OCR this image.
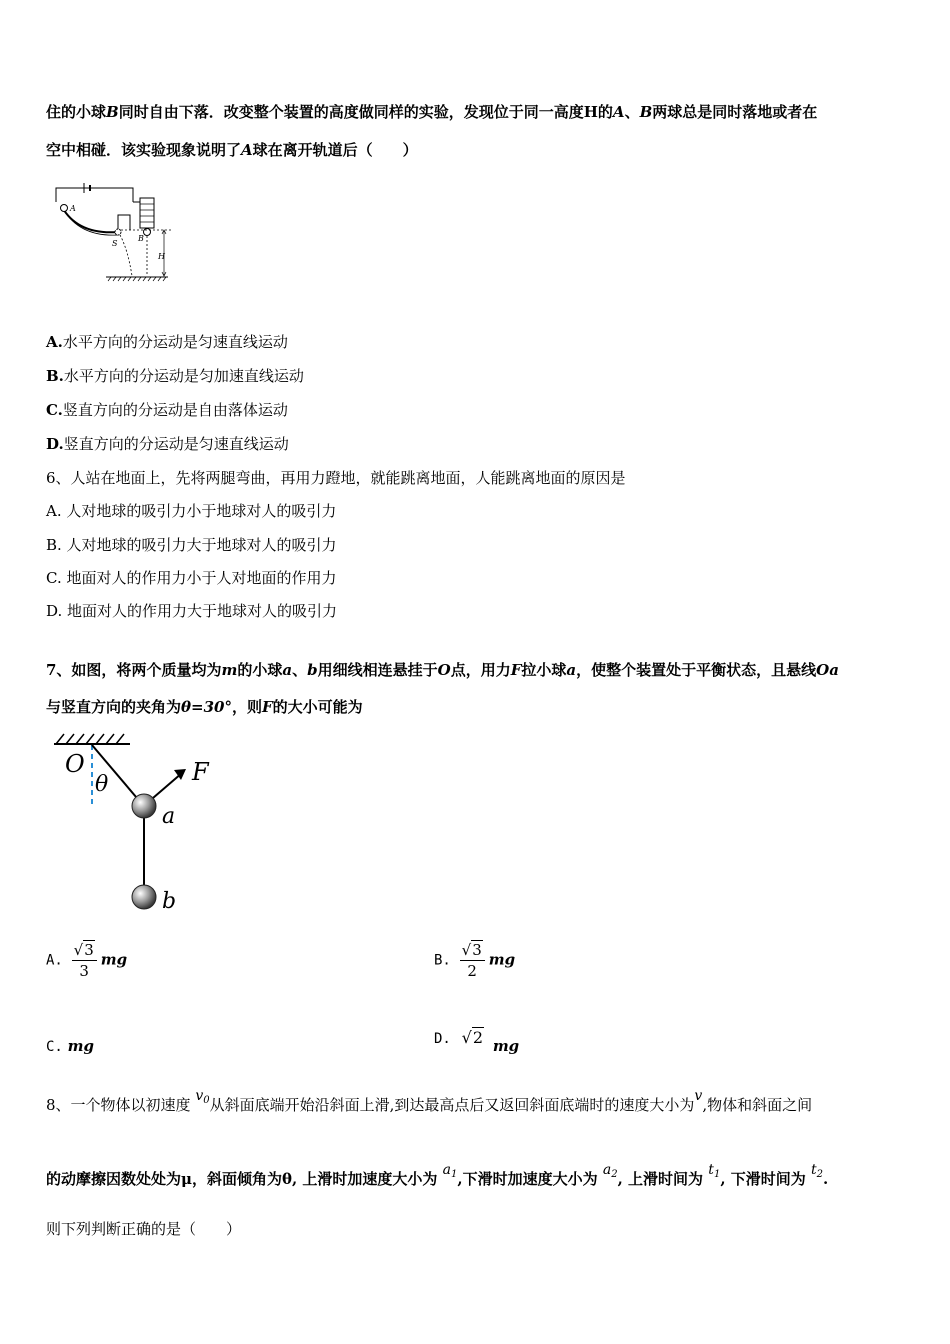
住的小球B同时自由下落．改变整个装置的高度做同样的实验，发现位于同一高度H的A、B两球总是同时落地或者在
空中相碰．该实验现象说明了A球在离开轨道后（　　）
A
S
B
H
A.水平方向的分运动是匀速直线运动
B.水平方向的分运动是匀加速直线运动
C.竖直方向的分运动是自由落体运动
D.竖直方向的分运动是匀速直线运动
6、人站在地面上，先将两腿弯曲，再用力蹬地，就能跳离地面，人能跳离地面的原因是
A. 人对地球的吸引力小于地球对人的吸引力
B. 人对地球的吸引力大于地球对人的吸引力
C. 地面对人的作用力小于人对地面的作用力
D. 地面对人的作用力大于地球对人的吸引力
7、如图，将两个质量均为m的小球a、b用细线相连悬挂于O点，用力F拉小球a，使整个装置处于平衡状态，且悬线Oa
与竖直方向的夹角为θ=30°，则F的大小可能为
O
θ	F
a
b
A. $\frac{√3}{3}$ mg	B. $\frac{√3}{2}$ mg
C. mg	D. √2 mg
8、一个物体以初速度 $v_0$从斜面底端开始沿斜面上滑,到达最高点后又返回斜面底端时的速度大小为v,物体和斜面之间
的动摩擦因数处处为μ，斜面倾角为θ, 上滑时加速度大小为 $a_1$,下滑时加速度大小为 $a_2$, 上滑时间为 $t_1$, 下滑时间为 $t_2$.
则下列判断正确的是（　　）
